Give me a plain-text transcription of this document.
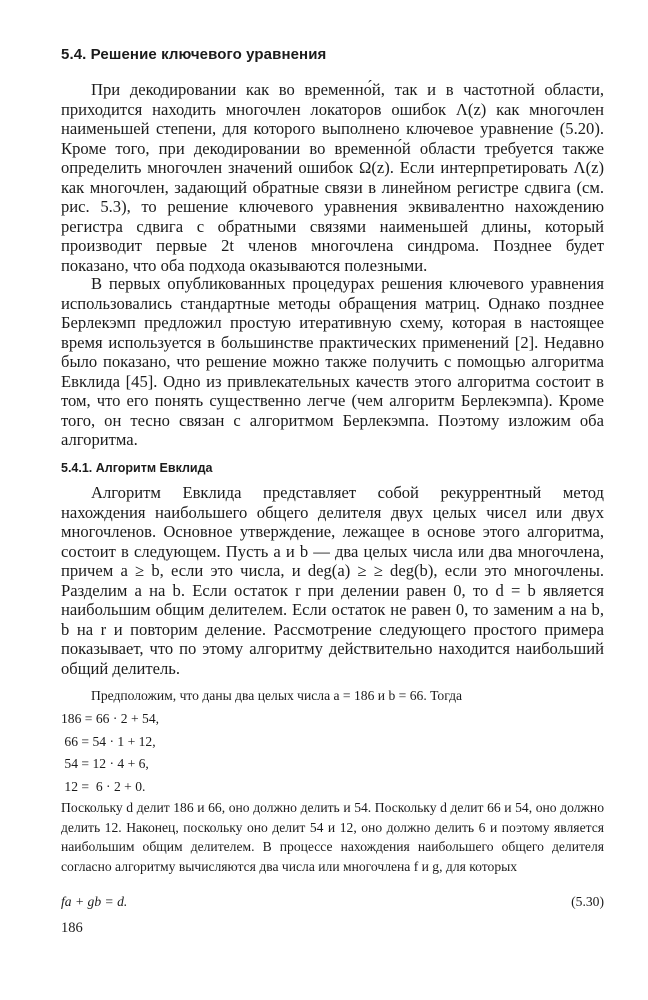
5.4. Решение ключевого уравнения

При декодировании как во временно́й, так и в частотной области, приходится находить многочлен локаторов ошибок Λ(z) как многочлен наименьшей степени, для которого выполнено ключевое уравнение (5.20). Кроме того, при декодировании во временно́й области требуется также определить многочлен значений ошибок Ω(z). Если интерпретировать Λ(z) как многочлен, задающий обратные связи в линейном регистре сдвига (см. рис. 5.3), то решение ключевого уравнения эквивалентно нахождению регистра сдвига с обратными связями наименьшей длины, который производит первые 2t членов многочлена синдрома. Позднее будет показано, что оба подхода оказываются полезными.

В первых опубликованных процедурах решения ключевого уравнения использовались стандартные методы обращения матриц. Однако позднее Берлекэмп предложил простую итеративную схему, которая в настоящее время используется в большинстве практических применений [2]. Недавно было показано, что решение можно также получить с помощью алгоритма Евклида [45]. Одно из привлекательных качеств этого алгоритма состоит в том, что его понять существенно легче (чем алгоритм Берлекэмпа). Кроме того, он тесно связан с алгоритмом Берлекэмпа. Поэтому изложим оба алгоритма.

5.4.1. Алгоритм Евклида

Алгоритм Евклида представляет собой рекуррентный метод нахождения наибольшего общего делителя двух целых чисел или двух многочленов. Основное утверждение, лежащее в основе этого алгоритма, состоит в следующем. Пусть a и b — два целых числа или два многочлена, причем a ≥ b, если это числа, и deg(a) ≥ ≥ deg(b), если это многочлены. Разделим a на b. Если остаток r при делении равен 0, то d = b является наибольшим общим делителем. Если остаток не равен 0, то заменим a на b, b на r и повторим деление. Рассмотрение следующего простого примера показывает, что по этому алгоритму действительно находится наибольший общий делитель.

Предположим, что даны два целых числа a = 186 и b = 66. Тогда

186 = 66 · 2 + 54,
66 = 54 · 1 + 12,
54 = 12 · 4 + 6,
12 =  6 · 2 + 0.

Поскольку d делит 186 и 66, оно должно делить и 54. Поскольку d делит 66 и 54, оно должно делить 12. Наконец, поскольку оно делит 54 и 12, оно должно делить 6 и поэтому является наибольшим общим делителем. В процессе нахождения наибольшего общего делителя согласно алгоритму вычисляются два числа или многочлена f и g, для которых

fa + gb = d.	(5.30)
186
